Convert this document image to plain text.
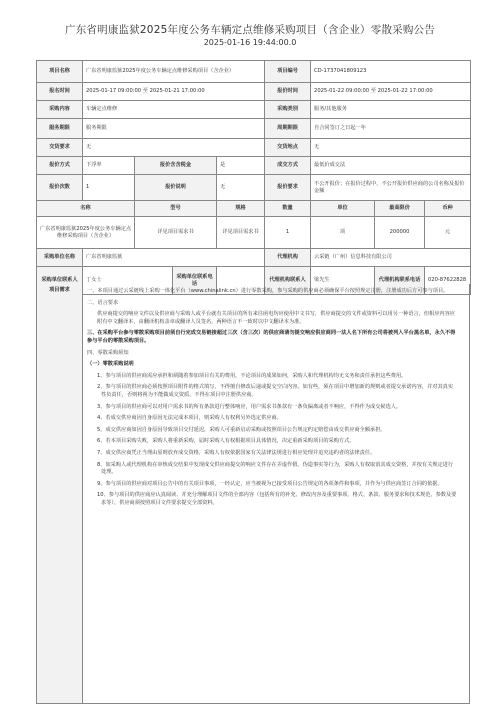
广东省明康监狱2025年度公务车辆定点维修采购项目（含企业）零散采购公告
2025-01-16 19:44:00.0
项目名称	广东省明康监狱2025年度公务车辆定点维修采购项目（含企业）				项目编号	CD-1737041809123		
报名时间	2025-01-17 09:00:00 至 2025-01-21 17:00:00				报价时间	2025-01-22 09:00:00 至 2025-01-22 17:00:00		
采购内容	车辆定点维修				采购类别	服务/其他服务		
服务期限	服务期限				周期期限	自合同签订之日起一年		
交货要求	无				交货地点	无		
报价方式	下浮率	报价含含税金		是	成交方式	最低价成交法		
报价次数	1	报价说明		无	报价要求	不公开报价；在报价过程中，不公开报价供应商的公司名称及报价金额		
名称		型号		规格	数量	单位	最高限价	币种
广东省明康监狱2025年度公务车辆定点维修采购项目（含企业）		详见项目需求书		详见项目需求书	1	项	200000	元
采购单位名称	广东省明康监狱				代理机构	云采链（广州）信息科技有限公司		
采购单位联系人	丁女士		采购单位联系电话		代理机构联系人	梁先生	代理机构联系电话	020-87622828
项目需求	一、本项目通过云采链线上采购一体化平台（www.chinalink.cn）进行零散采购，参与采购的供应商必须确保平台按照规定注册，注册成功后方可参与项目。

二、语言要求

供应商提交的响应文件以及供应商与采购人或平台就有关项目的所有来往函电均应使用中文书写，供应商提交的文件或资料可以用另一种语言，但相应内容应附有中文翻译本，由翻译机构盖章或翻译人员签名，两种语言不一致时以中文翻译本为准。

三、在采购平台参与零散采购项目前须自行完成交易链接超过三次（含三次）的供应商请勿提交响应供应商同一法人名下所有公司将被列入平台黑名单，永久不得参与平台的零散采购项目。

四、零散采购须知

（一）零散采购说明

1、参与项目的供应商需应承担和须随着参加项目有关的费用，不论项目的成果如何，采购人和代理机构均无义务和责任承担这些费用。

2、参与项目的供应商必须按照项目附件的格式填写，不得擅自修改后递或提交空白内容。如有些，须在项目中增加新的规则或者提交承诺内容，并对其真实性负责任，否则将视为不能做成交资质，不得在项目中注册供应商。

3、参与项目的供应商可以对用户需求书的所有条款进行整体响应，用户需求书条款有一条负偏离或者不响应，不得作为成交候选人。

4、若成交供应商因自身原因无法完成本项目，则采购人有权利另外选定供应商。

5、成交供应商如因自身原因导致项目交付延迟，采购人可重新启动采购或按照项目公告规定约定赔偿由成交供应商全额承担。

6、若本项目采购失败，采购人将重新采购，届时采购人有权根据项目具体情况，决定重新采购项目的采购方式。

7、成交供应商凭正当理由原则放弃成交资格，采购人有权依据国家有关法律法规进行相应处理并追究违约者的法律责任。

8、如采购人或代理机构在审核成交结果中发现成交供应商提交的响应文件存在弄虚作假、伪造事实等行为，采购人有权取消其成交资格，并按有关规定进行处理。

9、参与项目的供应商对项目公告中的有关项目事项，一经认定，应当被视为已接受项目公告规定的各项条件和事项，并作为与供应商签订合同的依据。

10、参与项目的供应商应认真阅读、并充分理解项目文件的全部内容（包括所有的补充、修改内容及重要事项、格式、条款、服务要求和技术规范、参数及要求等），供应商须按照项目文件要求提交全部资料。
